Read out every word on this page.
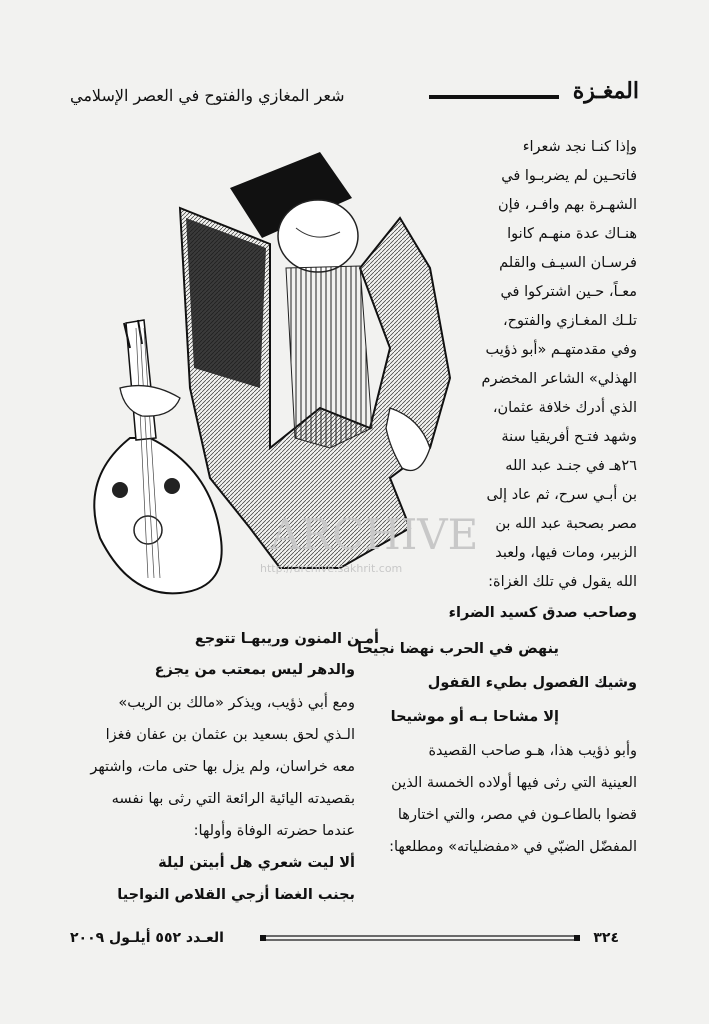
المغـزة
شعر المغازي والفتوح في العصر الإسلامي
وإذا كنـا نجد شعراء
فاتحـين لم يضربـوا في
الشهـرة بهم وافـر، فإن
هنـاك عدة منهـم كانوا
فرسـان السيـف والقلم
معـاً، حـين اشتركوا في
تلـك المغـازي والفتوح،
وفي مقدمتهـم «أبو ذؤيب
الهذلي» الشاعر المخضرم
الذي أدرك خلافة عثمان،
وشهد فتـح أفريقيا سنة
٢٦هـ في جنـد عبد الله
بن أبـي سرح، ثم عاد إلى
مصر بصحبة عبد الله بن
الزبير، ومات فيها، ولعبد
الله يقول في تلك الغزاة:
وصاحب صدق كسيد الضراء
ينهض في الحرب نهضا نجيحا
وشيك الفصول بطيء القفول
إلا مشاحا بـه أو موشيحا
وأبو ذؤيب هذا، هـو صاحب القصيدة
العينية التي رثى فيها أولاده الخمسة الذين
قضوا بالطاعـون في مصر، والتي اختارها
المفضّل الضبّي في «مفضلياته» ومطلعها:
أمـن المنون وريبهـا تتوجع
والدهر ليس بمعتب من يجزع
ومع أبي ذؤيب، ويذكر «مالك بن الريب»
الـذي لحق بسعيد بن عثمان بن عفان فغزا
معه خراسان، ولم يزل بها حتى مات، واشتهر
بقصيدته اليائية الرائعة التي رثى بها نفسه
عندما حضرته الوفاة وأولها:
ألا ليت شعري هل أبيتن ليلة
بجنب الغضا أزجي القلاص النواجيا
ARCHIVE
http://archive.sakhrit.com
العـدد ٥٥٢ أيلـول ٢٠٠٩	٣٢٤
